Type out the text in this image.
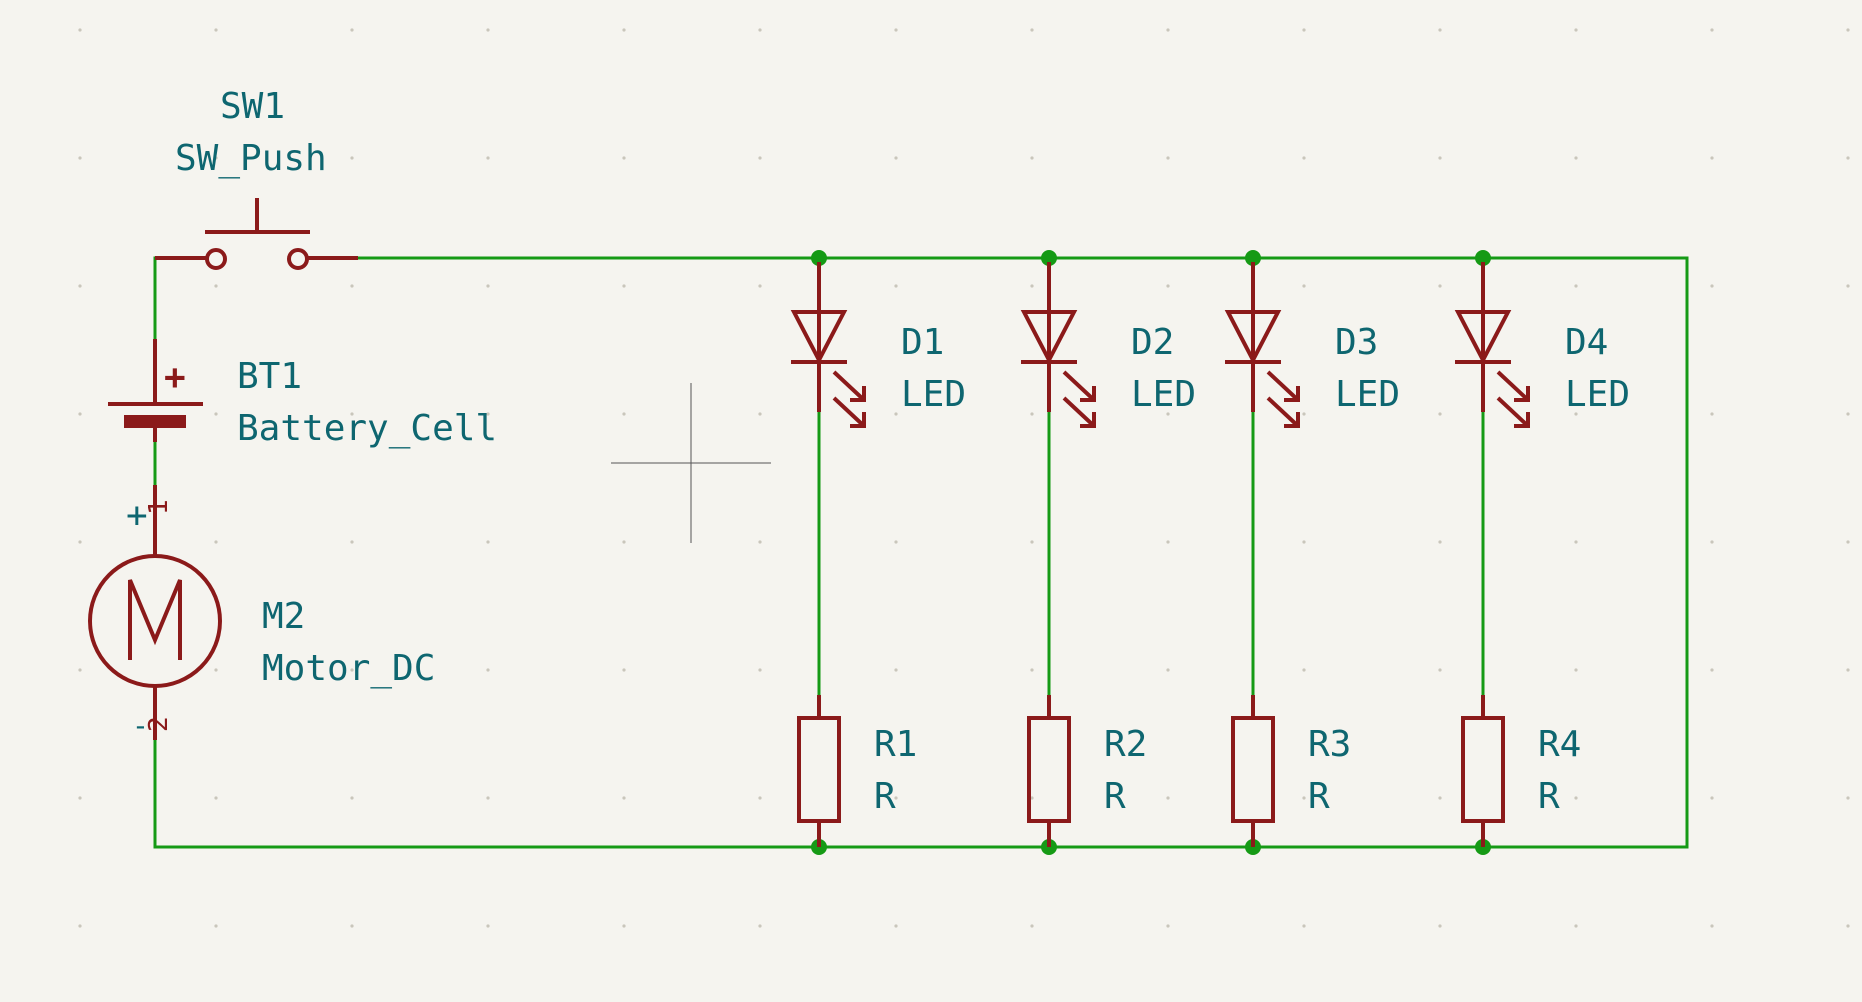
SW1
SW_Push
+ BT1
Battery_Cell
+
1
-
2
M2
Motor_DC
D1
LED
D2
LED
D3
LED
D4
LED
R1
R
R2
R
R3
R
R4
R
